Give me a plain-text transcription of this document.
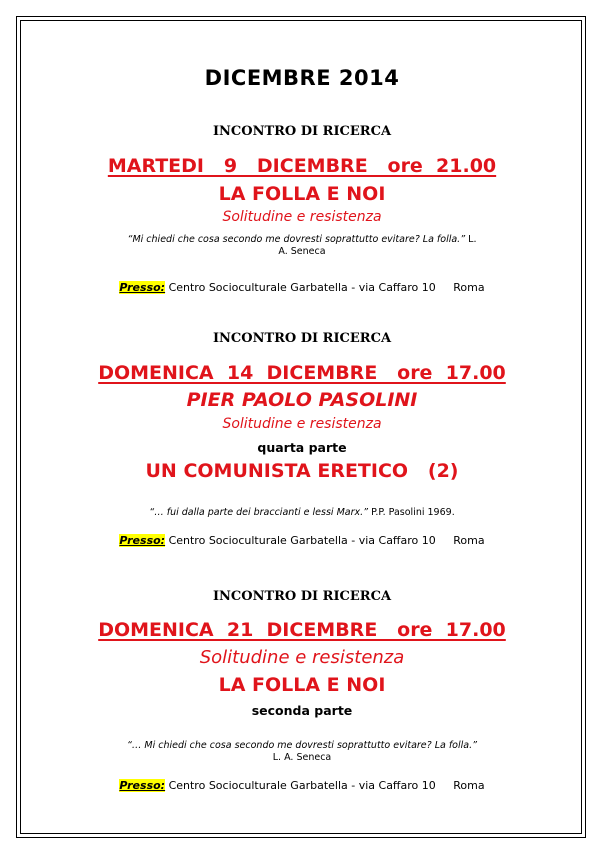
DICEMBRE 2014
INCONTRO DI RICERCA
MARTEDI   9   DICEMBRE   ore  21.00
LA FOLLA E NOI
Solitudine e resistenza
“Mi chiedi che cosa secondo me dovresti soprattutto evitare? La folla.” L.
A. Seneca
Presso: Centro Socioculturale Garbatella - via Caffaro 10     Roma
INCONTRO DI RICERCA
DOMENICA  14  DICEMBRE   ore  17.00
PIER PAOLO PASOLINI
Solitudine e resistenza
quarta parte
UN COMUNISTA ERETICO   (2)
“… fui dalla parte dei braccianti e lessi Marx.” P.P. Pasolini 1969.
Presso: Centro Socioculturale Garbatella - via Caffaro 10     Roma
INCONTRO DI RICERCA
DOMENICA  21  DICEMBRE   ore  17.00
Solitudine e resistenza
LA FOLLA E NOI
seconda parte
“… Mi chiedi che cosa secondo me dovresti soprattutto evitare? La folla.”
L. A. Seneca
Presso: Centro Socioculturale Garbatella - via Caffaro 10     Roma
